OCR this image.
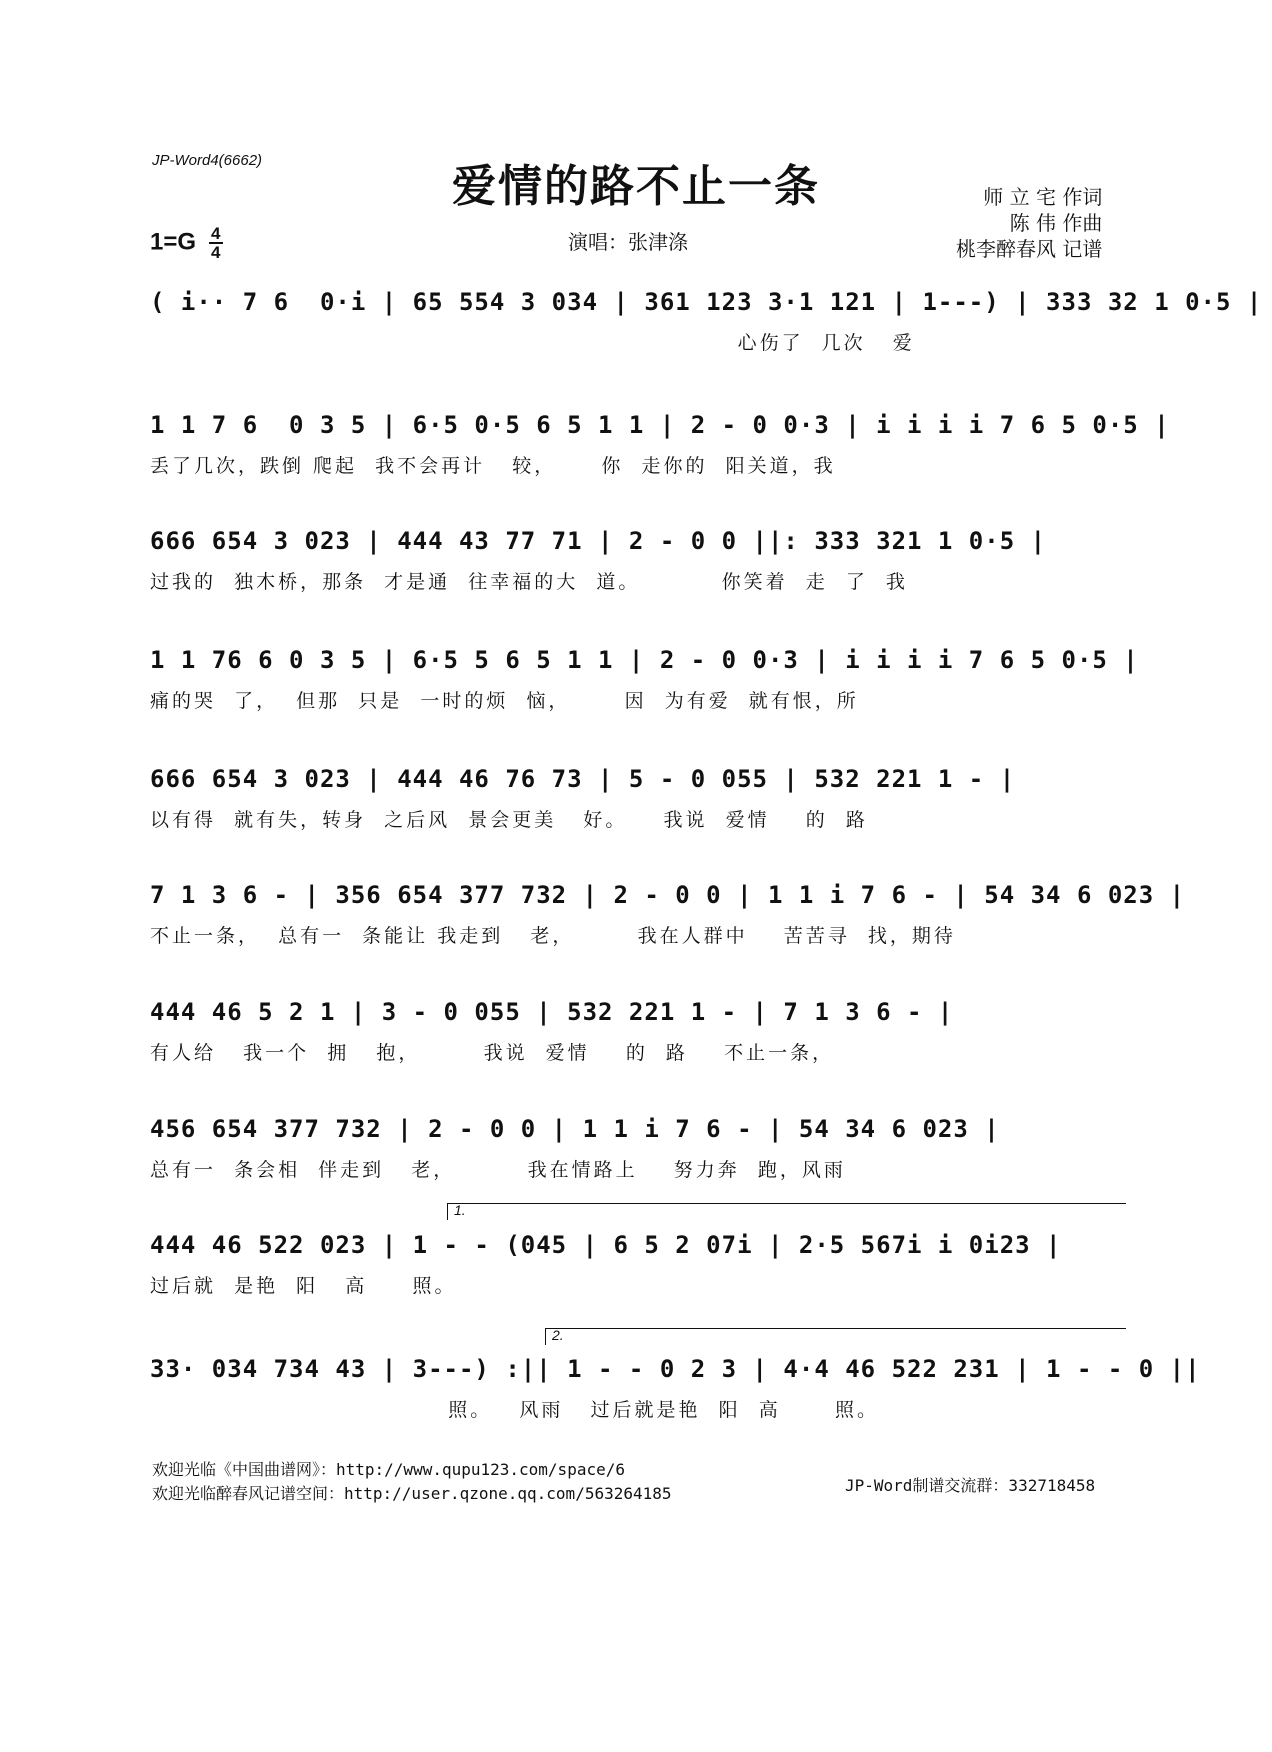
JP-Word4(6662)
爱情的路不止一条
$1=G \frac{4}{4}$	演唱：张津涤
师 立 宅 作词
陈 伟 作曲
桃李醉春风 记谱
( i·· 7 6  0·i | 65 554 3 034 | 361 123 3·1 121 | 1---) | 333 32 1 0·5 |
心伤了  几次   爱
1 1 7 6  0 3 5 | 6·5 0·5 6 5 1 1 | 2 - 0 0·3 | i i i i 7 6 5 0·5 |
丢了几次，跌倒 爬起  我不会再计   较，     你  走你的  阳关道，我
666 654 3 023 | 444 43 77 71 | 2 - 0 0 ||: 333 321 1 0·5 |
过我的  独木桥，那条  才是通  往幸福的大  道。         你笑着  走  了  我
1 1 76 6 0 3 5 | 6·5 5 6 5 1 1 | 2 - 0 0·3 | i i i i 7 6 5 0·5 |
痛的哭  了，  但那  只是  一时的烦  恼，      因  为有爱  就有恨，所
666 654 3 023 | 444 46 76 73 | 5 - 0 055 | 532 221 1 - |
以有得  就有失，转身  之后风  景会更美   好。    我说  爱情    的  路
7 1 3 6 - | 356 654 377 732 | 2 - 0 0 | 1 1 i 7 6 - | 54 34 6 023 |
不止一条，  总有一  条能让 我走到   老，       我在人群中    苦苦寻  找，期待
444 46 5 2 1 | 3 - 0 055 | 532 221 1 - | 7 1 3 6 - |
有人给   我一个  拥   抱，       我说  爱情    的  路    不止一条，
456 654 377 732 | 2 - 0 0 | 1 1 i 7 6 - | 54 34 6 023 |
总有一  条会相  伴走到   老，        我在情路上    努力奔  跑，风雨
1.
444 46 522 023 | 1 - - (045 | 6 5 2 07i | 2·5 567i i 0i23 |
过后就  是艳  阳   高     照。
2.
33· 034 734 43 | 3---) :|| 1 - - 0 2 3 | 4·4 46 522 231 | 1 - - 0 ||
照。   风雨   过后就是艳  阳  高      照。
欢迎光临《中国曲谱网》：http://www.qupu123.com/space/6
欢迎光临醉春风记谱空间：http://user.qzone.qq.com/563264185	JP-Word制谱交流群：332718458
